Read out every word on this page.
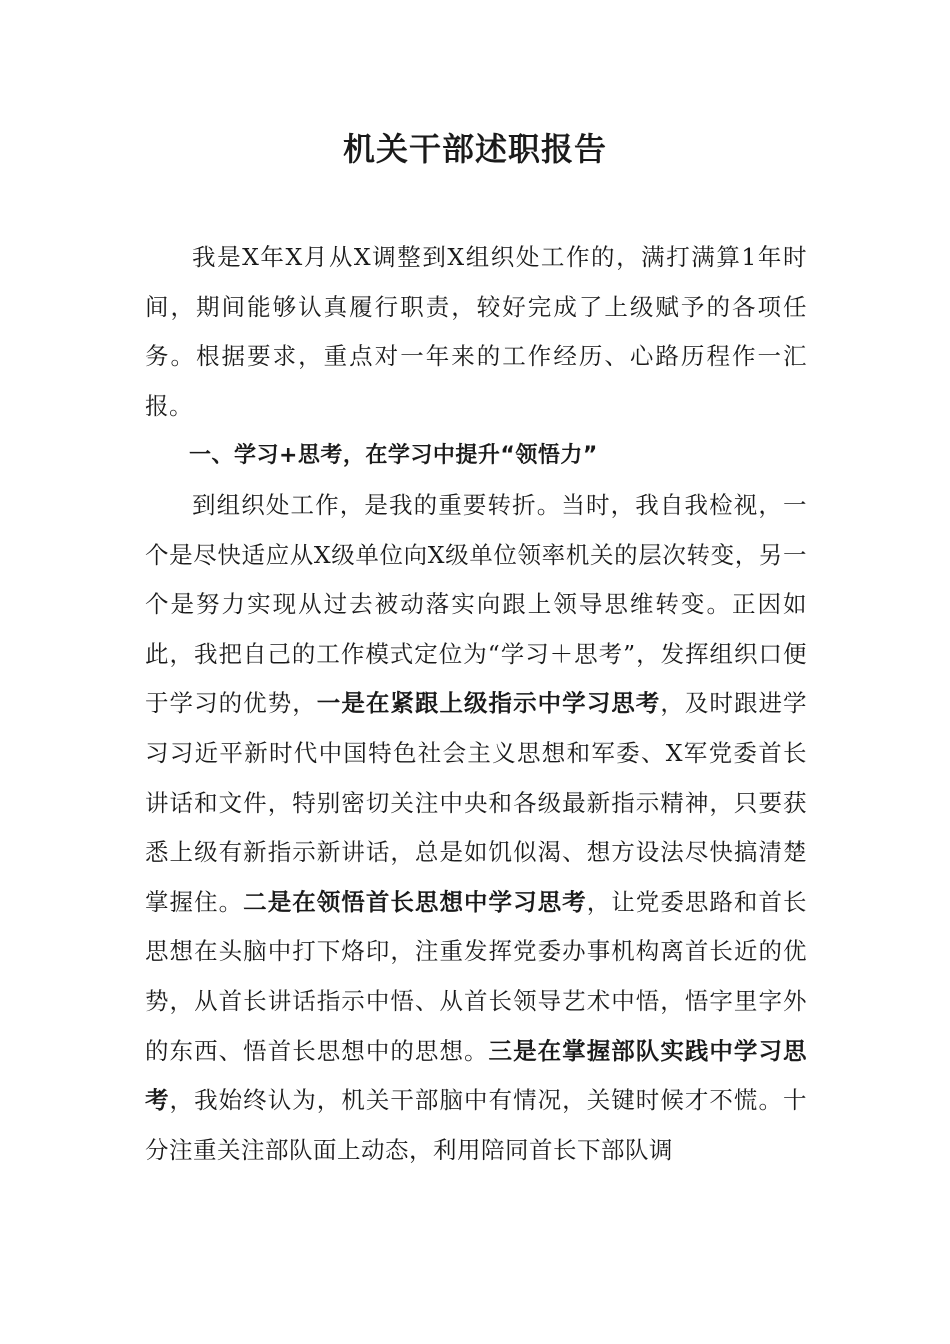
机关干部述职报告

我是X年X月从X调整到X组织处工作的，满打满算1年时间，期间能够认真履行职责，较好完成了上级赋予的各项任务。根据要求，重点对一年来的工作经历、心路历程作一汇报。

一、学习+思考，在学习中提升“领悟力”

到组织处工作，是我的重要转折。当时，我自我检视，一个是尽快适应从X级单位向X级单位领率机关的层次转变，另一个是努力实现从过去被动落实向跟上领导思维转变。正因如此，我把自己的工作模式定位为“学习＋思考”，发挥组织口便于学习的优势，一是在紧跟上级指示中学习思考，及时跟进学习习近平新时代中国特色社会主义思想和军委、X军党委首长讲话和文件，特别密切关注中央和各级最新指示精神，只要获悉上级有新指示新讲话，总是如饥似渴、想方设法尽快搞清楚掌握住。二是在领悟首长思想中学习思考，让党委思路和首长思想在头脑中打下烙印，注重发挥党委办事机构离首长近的优势，从首长讲话指示中悟、从首长领导艺术中悟，悟字里字外的东西、悟首长思想中的思想。三是在掌握部队实践中学习思考，我始终认为，机关干部脑中有情况，关键时候才不慌。十分注重关注部队面上动态，利用陪同首长下部队调
